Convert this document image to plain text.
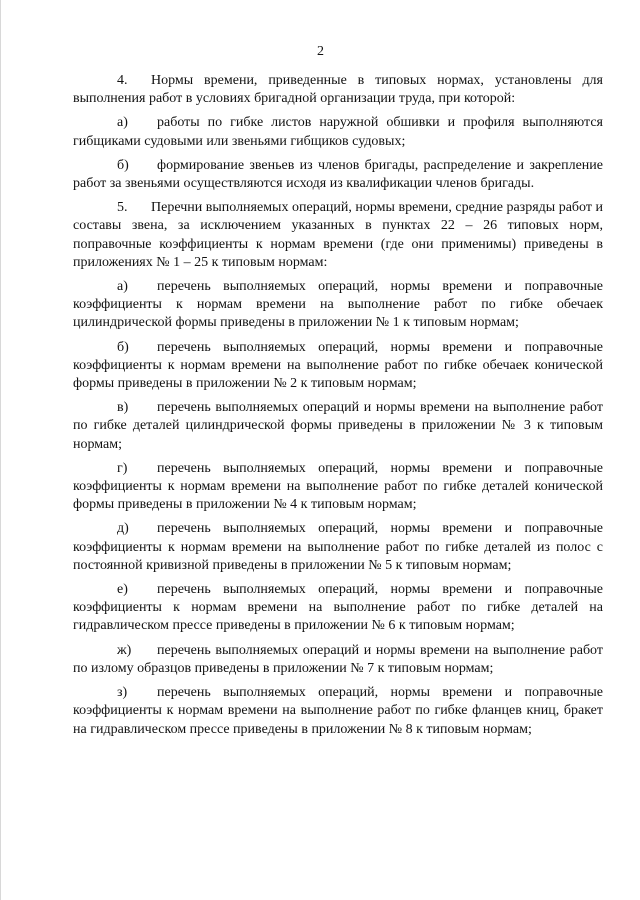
2

4. Нормы времени, приведенные в типовых нормах, установлены для выполнения работ в условиях бригадной организации труда, при которой:

а) работы по гибке листов наружной обшивки и профиля выполняются гибщиками судовыми или звеньями гибщиков судовых;

б) формирование звеньев из членов бригады, распределение и закрепление работ за звеньями осуществляются исходя из квалификации членов бригады.

5. Перечни выполняемых операций, нормы времени, средние разряды работ и составы звена, за исключением указанных в пунктах 22 – 26 типовых норм, поправочные коэффициенты к нормам времени (где они применимы) приведены в приложениях № 1 – 25 к типовым нормам:

а) перечень выполняемых операций, нормы времени и поправочные коэффициенты к нормам времени на выполнение работ по гибке обечаек цилиндрической формы приведены в приложении № 1 к типовым нормам;

б) перечень выполняемых операций, нормы времени и поправочные коэффициенты к нормам времени на выполнение работ по гибке обечаек конической формы приведены в приложении № 2 к типовым нормам;

в) перечень выполняемых операций и нормы времени на выполнение работ по гибке деталей цилиндрической формы приведены в приложении № 3 к типовым нормам;

г) перечень выполняемых операций, нормы времени и поправочные коэффициенты к нормам времени на выполнение работ по гибке деталей конической формы приведены в приложении № 4 к типовым нормам;

д) перечень выполняемых операций, нормы времени и поправочные коэффициенты к нормам времени на выполнение работ по гибке деталей из полос с постоянной кривизной приведены в приложении № 5 к типовым нормам;

е) перечень выполняемых операций, нормы времени и поправочные коэффициенты к нормам времени на выполнение работ по гибке деталей на гидравлическом прессе приведены в приложении № 6 к типовым нормам;

ж) перечень выполняемых операций и нормы времени на выполнение работ по излому образцов приведены в приложении № 7 к типовым нормам;

з) перечень выполняемых операций, нормы времени и поправочные коэффициенты к нормам времени на выполнение работ по гибке фланцев книц, бракет на гидравлическом прессе приведены в приложении № 8 к типовым нормам;
